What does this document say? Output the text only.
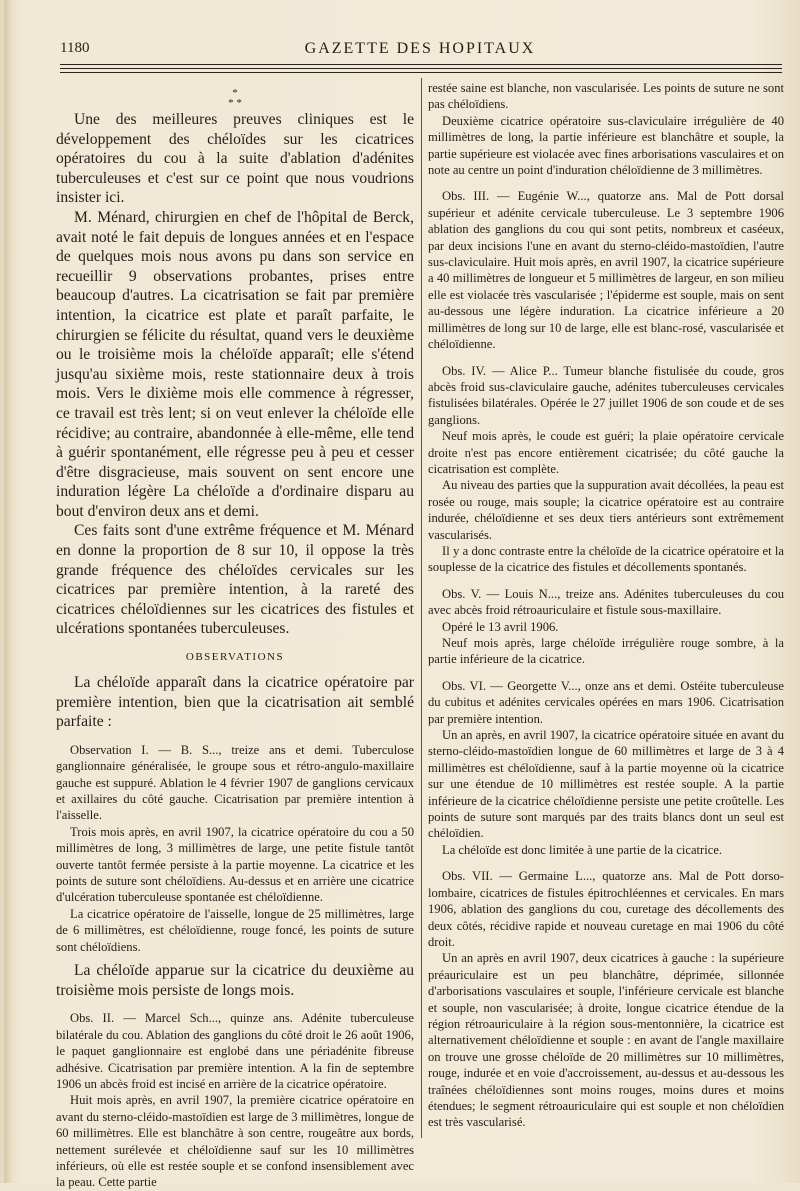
1180	GAZETTE DES HOPITAUX
*
* *

Une des meilleures preuves cliniques est le développement des chéloïdes sur les cicatrices opératoires du cou à la suite d'ablation d'adénites tuberculeuses et c'est sur ce point que nous voudrions insister ici.

M. Ménard, chirurgien en chef de l'hôpital de Berck, avait noté le fait depuis de longues années et en l'espace de quelques mois nous avons pu dans son service en recueillir 9 observations probantes, prises entre beaucoup d'autres. La cicatrisation se fait par première intention, la cicatrice est plate et paraît parfaite, le chirurgien se félicite du résultat, quand vers le deuxième ou le troisième mois la chéloïde apparaît; elle s'étend jusqu'au sixième mois, reste stationnaire deux à trois mois. Vers le dixième mois elle commence à régresser, ce travail est très lent; si on veut enlever la chéloïde elle récidive; au contraire, abandonnée à elle-même, elle tend à guérir spontanément, elle régresse peu à peu et cesser d'être disgracieuse, mais souvent on sent encore une induration légère La chéloïde a d'ordinaire disparu au bout d'environ deux ans et demi.

Ces faits sont d'une extrême fréquence et M. Ménard en donne la proportion de 8 sur 10, il oppose la très grande fréquence des chéloïdes cervicales sur les cicatrices par première intention, à la rareté des cicatrices chéloïdiennes sur les cicatrices des fistules et ulcérations spontanées tuberculeuses.

OBSERVATIONS

La chéloïde apparaît dans la cicatrice opératoire par première intention, bien que la cicatrisation ait semblé parfaite :

Observation I. — B. S..., treize ans et demi. Tuberculose ganglionnaire généralisée, le groupe sous et rétro-angulo-maxillaire gauche est suppuré. Ablation le 4 février 1907 de ganglions cervicaux et axillaires du côté gauche. Cicatrisation par première intention à l'aisselle.

Trois mois après, en avril 1907, la cicatrice opératoire du cou a 50 millimètres de long, 3 millimètres de large, une petite fistule tantôt ouverte tantôt fermée persiste à la partie moyenne. La cicatrice et les points de suture sont chéloïdiens. Au-dessus et en arrière une cicatrice d'ulcération tuberculeuse spontanée est chéloïdienne.

La cicatrice opératoire de l'aisselle, longue de 25 millimètres, large de 6 millimètres, est chéloïdienne, rouge foncé, les points de suture sont chéloïdiens.

La chéloïde apparue sur la cicatrice du deuxième au troisième mois persiste de longs mois.

Obs. II. — Marcel Sch..., quinze ans. Adénite tuberculeuse bilatérale du cou. Ablation des ganglions du côté droit le 26 août 1906, le paquet ganglionnaire est englobé dans une périadénite fibreuse adhésive. Cicatrisation par première intention. A la fin de septembre 1906 un abcès froid est incisé en arrière de la cicatrice opératoire.

Huit mois après, en avril 1907, la première cicatrice opératoire en avant du sterno-cléido-mastoïdien est large de 3 millimètres, longue de 60 millimètres. Elle est blanchâtre à son centre, rougeâtre aux bords, nettement surélevée et chéloïdienne sauf sur les 10 millimètres inférieurs, où elle est restée souple et se confond insensiblement avec la peau. Cette partie

restée saine est blanche, non vascularisée. Les points de suture ne sont pas chéloïdiens.

Deuxième cicatrice opératoire sus-claviculaire irrégulière de 40 millimètres de long, la partie inférieure est blanchâtre et souple, la partie supérieure est violacée avec fines arborisations vasculaires et on note au centre un point d'induration chéloïdienne de 3 millimètres.

Obs. III. — Eugénie W..., quatorze ans. Mal de Pott dorsal supérieur et adénite cervicale tuberculeuse. Le 3 septembre 1906 ablation des ganglions du cou qui sont petits, nombreux et caséeux, par deux incisions l'une en avant du sterno-cléido-mastoïdien, l'autre sus-claviculaire. Huit mois après, en avril 1907, la cicatrice supérieure a 40 millimètres de longueur et 5 millimètres de largeur, en son milieu elle est violacée très vascularisée ; l'épiderme est souple, mais on sent au-dessous une légère induration. La cicatrice inférieure a 20 millimètres de long sur 10 de large, elle est blanc-rosé, vascularisée et chéloïdienne.

Obs. IV. — Alice P... Tumeur blanche fistulisée du coude, gros abcès froid sus-claviculaire gauche, adénites tuberculeuses cervicales fistulisées bilatérales. Opérée le 27 juillet 1906 de son coude et de ses ganglions.

Neuf mois après, le coude est guéri; la plaie opératoire cervicale droite n'est pas encore entièrement cicatrisée; du côté gauche la cicatrisation est complète.

Au niveau des parties que la suppuration avait décollées, la peau est rosée ou rouge, mais souple; la cicatrice opératoire est au contraire indurée, chéloïdienne et ses deux tiers antérieurs sont extrêmement vascularisés.

Il y a donc contraste entre la chéloïde de la cicatrice opératoire et la souplesse de la cicatrice des fistules et décollements spontanés.

Obs. V. — Louis N..., treize ans. Adénites tuberculeuses du cou avec abcès froid rétroauriculaire et fistule sous-maxillaire.

Opéré le 13 avril 1906.

Neuf mois après, large chéloïde irrégulière rouge sombre, à la partie inférieure de la cicatrice.

Obs. VI. — Georgette V..., onze ans et demi. Ostéite tuberculeuse du cubitus et adénites cervicales opérées en mars 1906. Cicatrisation par première intention.

Un an après, en avril 1907, la cicatrice opératoire située en avant du sterno-cléido-mastoïdien longue de 60 millimètres et large de 3 à 4 millimètres est chéloïdienne, sauf à la partie moyenne où la cicatrice sur une étendue de 10 millimètres est restée souple. A la partie inférieure de la cicatrice chéloïdienne persiste une petite croûtelle. Les points de suture sont marqués par des traits blancs dont un seul est chéloïdien.

La chéloïde est donc limitée à une partie de la cicatrice.

Obs. VII. — Germaine L..., quatorze ans. Mal de Pott dorso-lombaire, cicatrices de fistules épitrochléennes et cervicales. En mars 1906, ablation des ganglions du cou, curetage des décollements des deux côtés, récidive rapide et nouveau curetage en mai 1906 du côté droit.

Un an après en avril 1907, deux cicatrices à gauche : la supérieure préauriculaire est un peu blanchâtre, déprimée, sillonnée d'arborisations vasculaires et souple, l'inférieure cervicale est blanche et souple, non vascularisée; à droite, longue cicatrice étendue de la région rétroauriculaire à la région sous-mentonnière, la cicatrice est alternativement chéloïdienne et souple : en avant de l'angle maxillaire on trouve une grosse chéloïde de 20 millimètres sur 10 millimètres, rouge, indurée et en voie d'accroissement, au-dessus et au-dessous les traînées chéloïdiennes sont moins rouges, moins dures et moins étendues; le segment rétroauriculaire qui est souple et non chéloïdien est très vascularisé.
